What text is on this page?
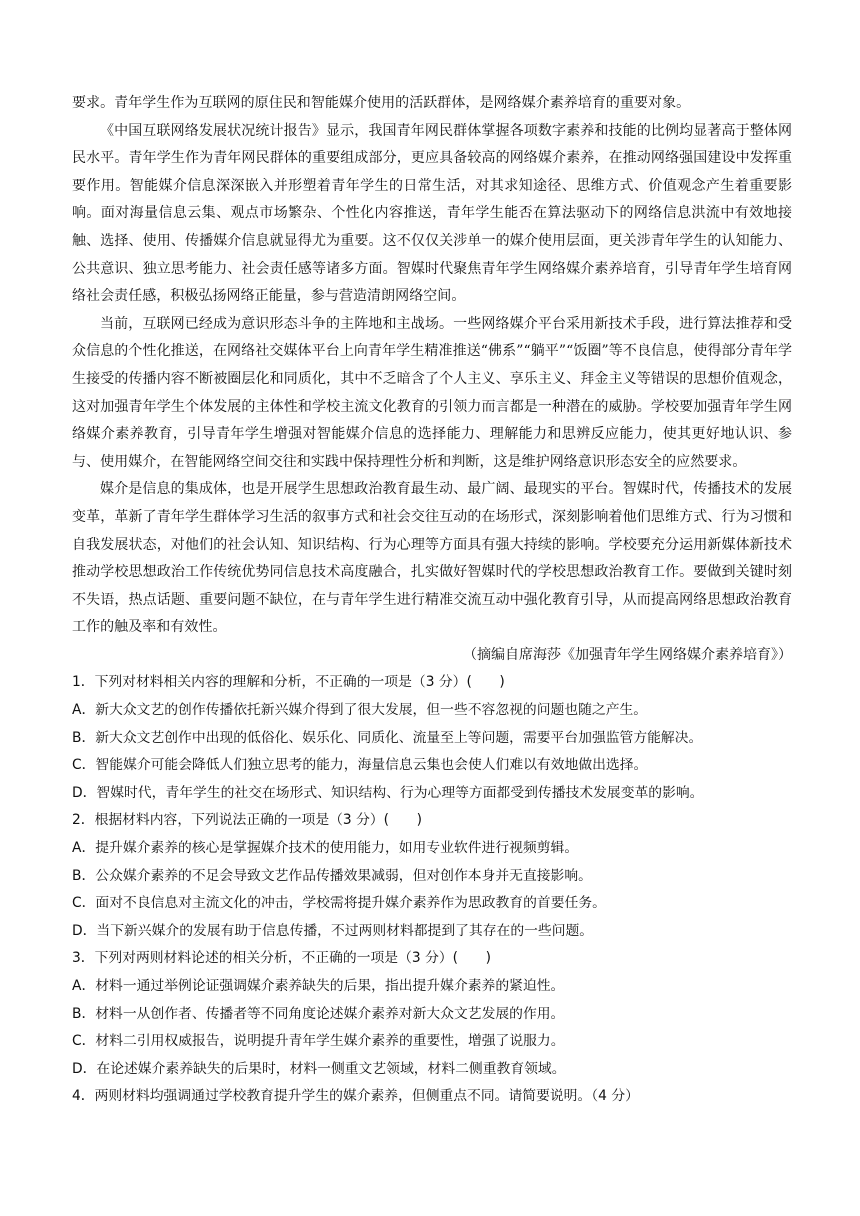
要求。青年学生作为互联网的原住民和智能媒介使用的活跃群体，是网络媒介素养培育的重要对象。

《中国互联网络发展状况统计报告》显示，我国青年网民群体掌握各项数字素养和技能的比例均显著高于整体网民水平。青年学生作为青年网民群体的重要组成部分，更应具备较高的网络媒介素养，在推动网络强国建设中发挥重要作用。智能媒介信息深深嵌入并形塑着青年学生的日常生活，对其求知途径、思维方式、价值观念产生着重要影响。面对海量信息云集、观点市场繁杂、个性化内容推送，青年学生能否在算法驱动下的网络信息洪流中有效地接触、选择、使用、传播媒介信息就显得尤为重要。这不仅仅关涉单一的媒介使用层面，更关涉青年学生的认知能力、公共意识、独立思考能力、社会责任感等诸多方面。智媒时代聚焦青年学生网络媒介素养培育，引导青年学生培育网络社会责任感，积极弘扬网络正能量，参与营造清朗网络空间。

当前，互联网已经成为意识形态斗争的主阵地和主战场。一些网络媒介平台采用新技术手段，进行算法推荐和受众信息的个性化推送，在网络社交媒体平台上向青年学生精准推送“佛系”“躺平”“饭圈”等不良信息，使得部分青年学生接受的传播内容不断被圈层化和同质化，其中不乏暗含了个人主义、享乐主义、拜金主义等错误的思想价值观念，这对加强青年学生个体发展的主体性和学校主流文化教育的引领力而言都是一种潜在的威胁。学校要加强青年学生网络媒介素养教育，引导青年学生增强对智能媒介信息的选择能力、理解能力和思辨反应能力，使其更好地认识、参与、使用媒介，在智能网络空间交往和实践中保持理性分析和判断，这是维护网络意识形态安全的应然要求。

媒介是信息的集成体，也是开展学生思想政治教育最生动、最广阔、最现实的平台。智媒时代，传播技术的发展变革，革新了青年学生群体学习生活的叙事方式和社会交往互动的在场形式，深刻影响着他们思维方式、行为习惯和自我发展状态，对他们的社会认知、知识结构、行为心理等方面具有强大持续的影响。学校要充分运用新媒体新技术推动学校思想政治工作传统优势同信息技术高度融合，扎实做好智媒时代的学校思想政治教育工作。要做到关键时刻不失语，热点话题、重要问题不缺位，在与青年学生进行精准交流互动中强化教育引导，从而提高网络思想政治教育工作的触及率和有效性。

（摘编自席海莎《加强青年学生网络媒介素养培育》）

1．下列对材料相关内容的理解和分析，不正确的一项是（3 分）(　　)

A．新大众文艺的创作传播依托新兴媒介得到了很大发展，但一些不容忽视的问题也随之产生。

B．新大众文艺创作中出现的低俗化、娱乐化、同质化、流量至上等问题，需要平台加强监管方能解决。

C．智能媒介可能会降低人们独立思考的能力，海量信息云集也会使人们难以有效地做出选择。

D．智媒时代，青年学生的社交在场形式、知识结构、行为心理等方面都受到传播技术发展变革的影响。

2．根据材料内容，下列说法正确的一项是（3 分）(　　)

A．提升媒介素养的核心是掌握媒介技术的使用能力，如用专业软件进行视频剪辑。

B．公众媒介素养的不足会导致文艺作品传播效果减弱，但对创作本身并无直接影响。

C．面对不良信息对主流文化的冲击，学校需将提升媒介素养作为思政教育的首要任务。

D．当下新兴媒介的发展有助于信息传播，不过两则材料都提到了其存在的一些问题。

3．下列对两则材料论述的相关分析，不正确的一项是（3 分）(　　)

A．材料一通过举例论证强调媒介素养缺失的后果，指出提升媒介素养的紧迫性。

B．材料一从创作者、传播者等不同角度论述媒介素养对新大众文艺发展的作用。

C．材料二引用权威报告，说明提升青年学生媒介素养的重要性，增强了说服力。

D．在论述媒介素养缺失的后果时，材料一侧重文艺领域，材料二侧重教育领域。

4．两则材料均强调通过学校教育提升学生的媒介素养，但侧重点不同。请简要说明。（4 分）
